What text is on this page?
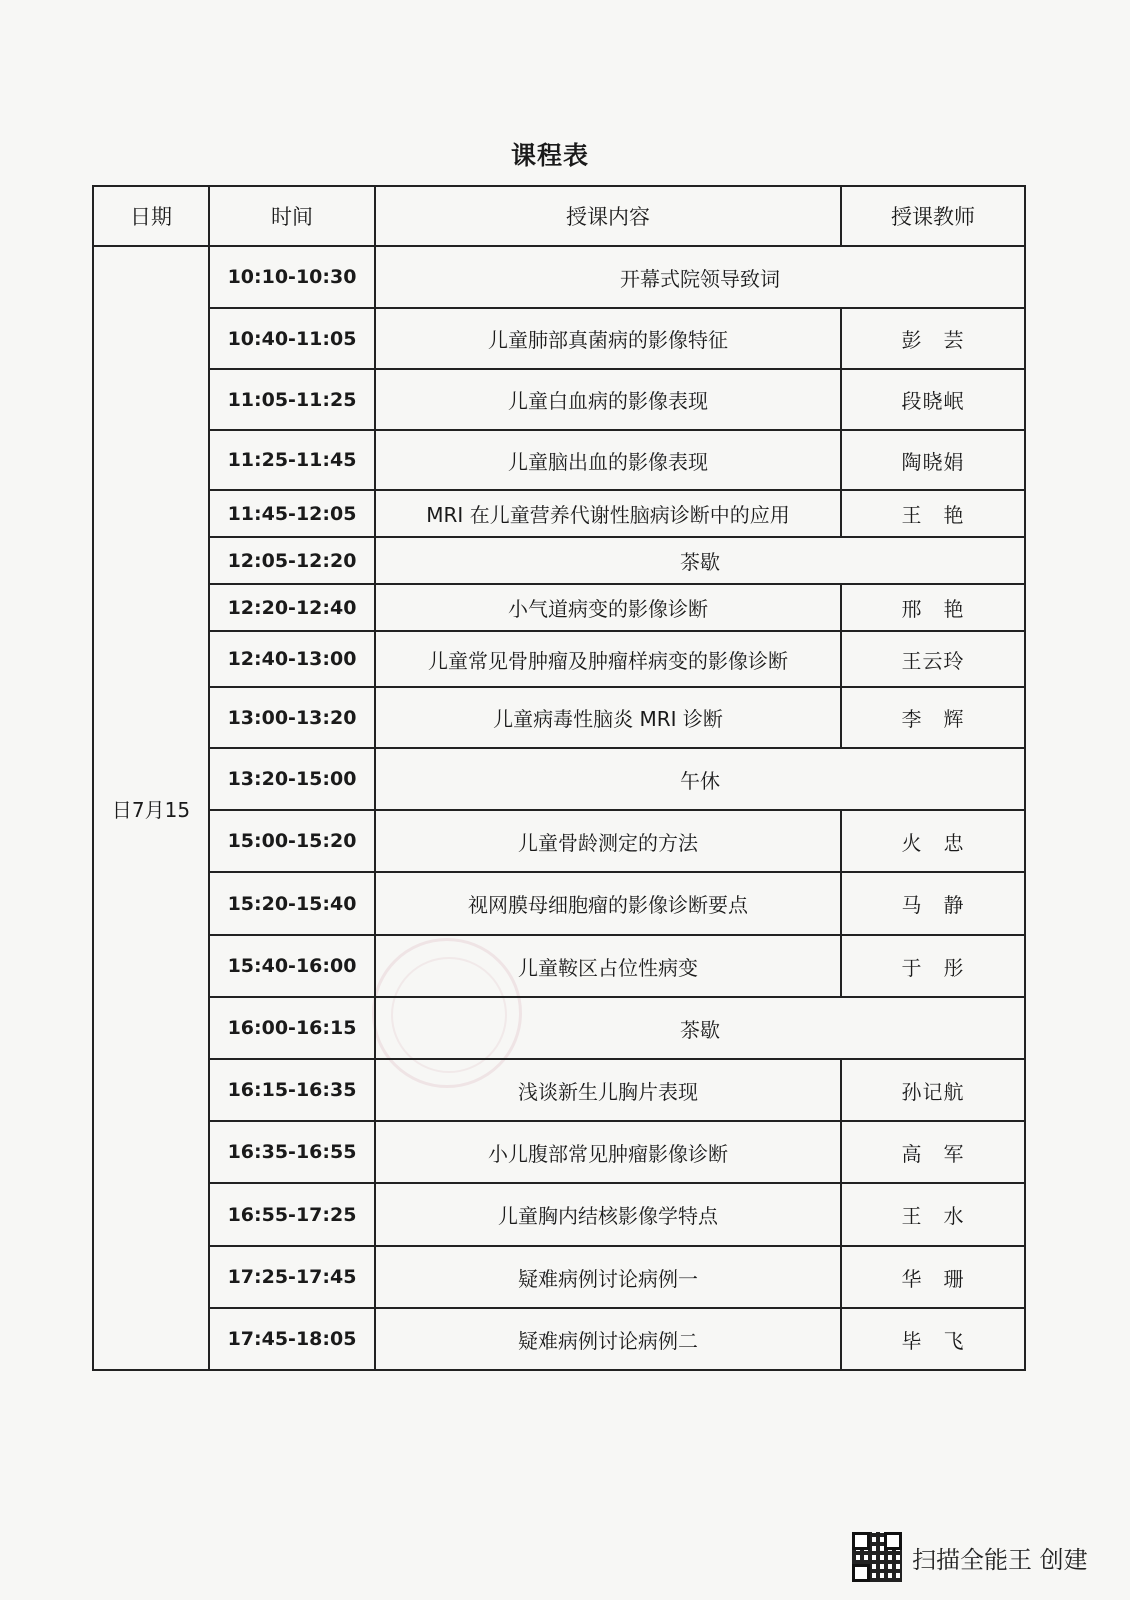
课程表
日期	时间	授课内容	授课教师
日7月15	10:10-10:30	开幕式院领导致词	
	10:40-11:05	儿童肺部真菌病的影像特征	彭　芸
	11:05-11:25	儿童白血病的影像表现	段晓岷
	11:25-11:45	儿童脑出血的影像表现	陶晓娟
	11:45-12:05	MRI 在儿童营养代谢性脑病诊断中的应用	王　艳
	12:05-12:20	茶歇	
	12:20-12:40	小气道病变的影像诊断	邢　艳
	12:40-13:00	儿童常见骨肿瘤及肿瘤样病变的影像诊断	王云玲
	13:00-13:20	儿童病毒性脑炎 MRI 诊断	李　辉
	13:20-15:00	午休	
	15:00-15:20	儿童骨龄测定的方法	火　忠
	15:20-15:40	视网膜母细胞瘤的影像诊断要点	马　静
	15:40-16:00	儿童鞍区占位性病变	于　彤
	16:00-16:15	茶歇	
	16:15-16:35	浅谈新生儿胸片表现	孙记航
	16:35-16:55	小儿腹部常见肿瘤影像诊断	高　军
	16:55-17:25	儿童胸内结核影像学特点	王　水
	17:25-17:45	疑难病例讨论病例一	华　珊
	17:45-18:05	疑难病例讨论病例二	毕　飞
扫描全能王 创建
